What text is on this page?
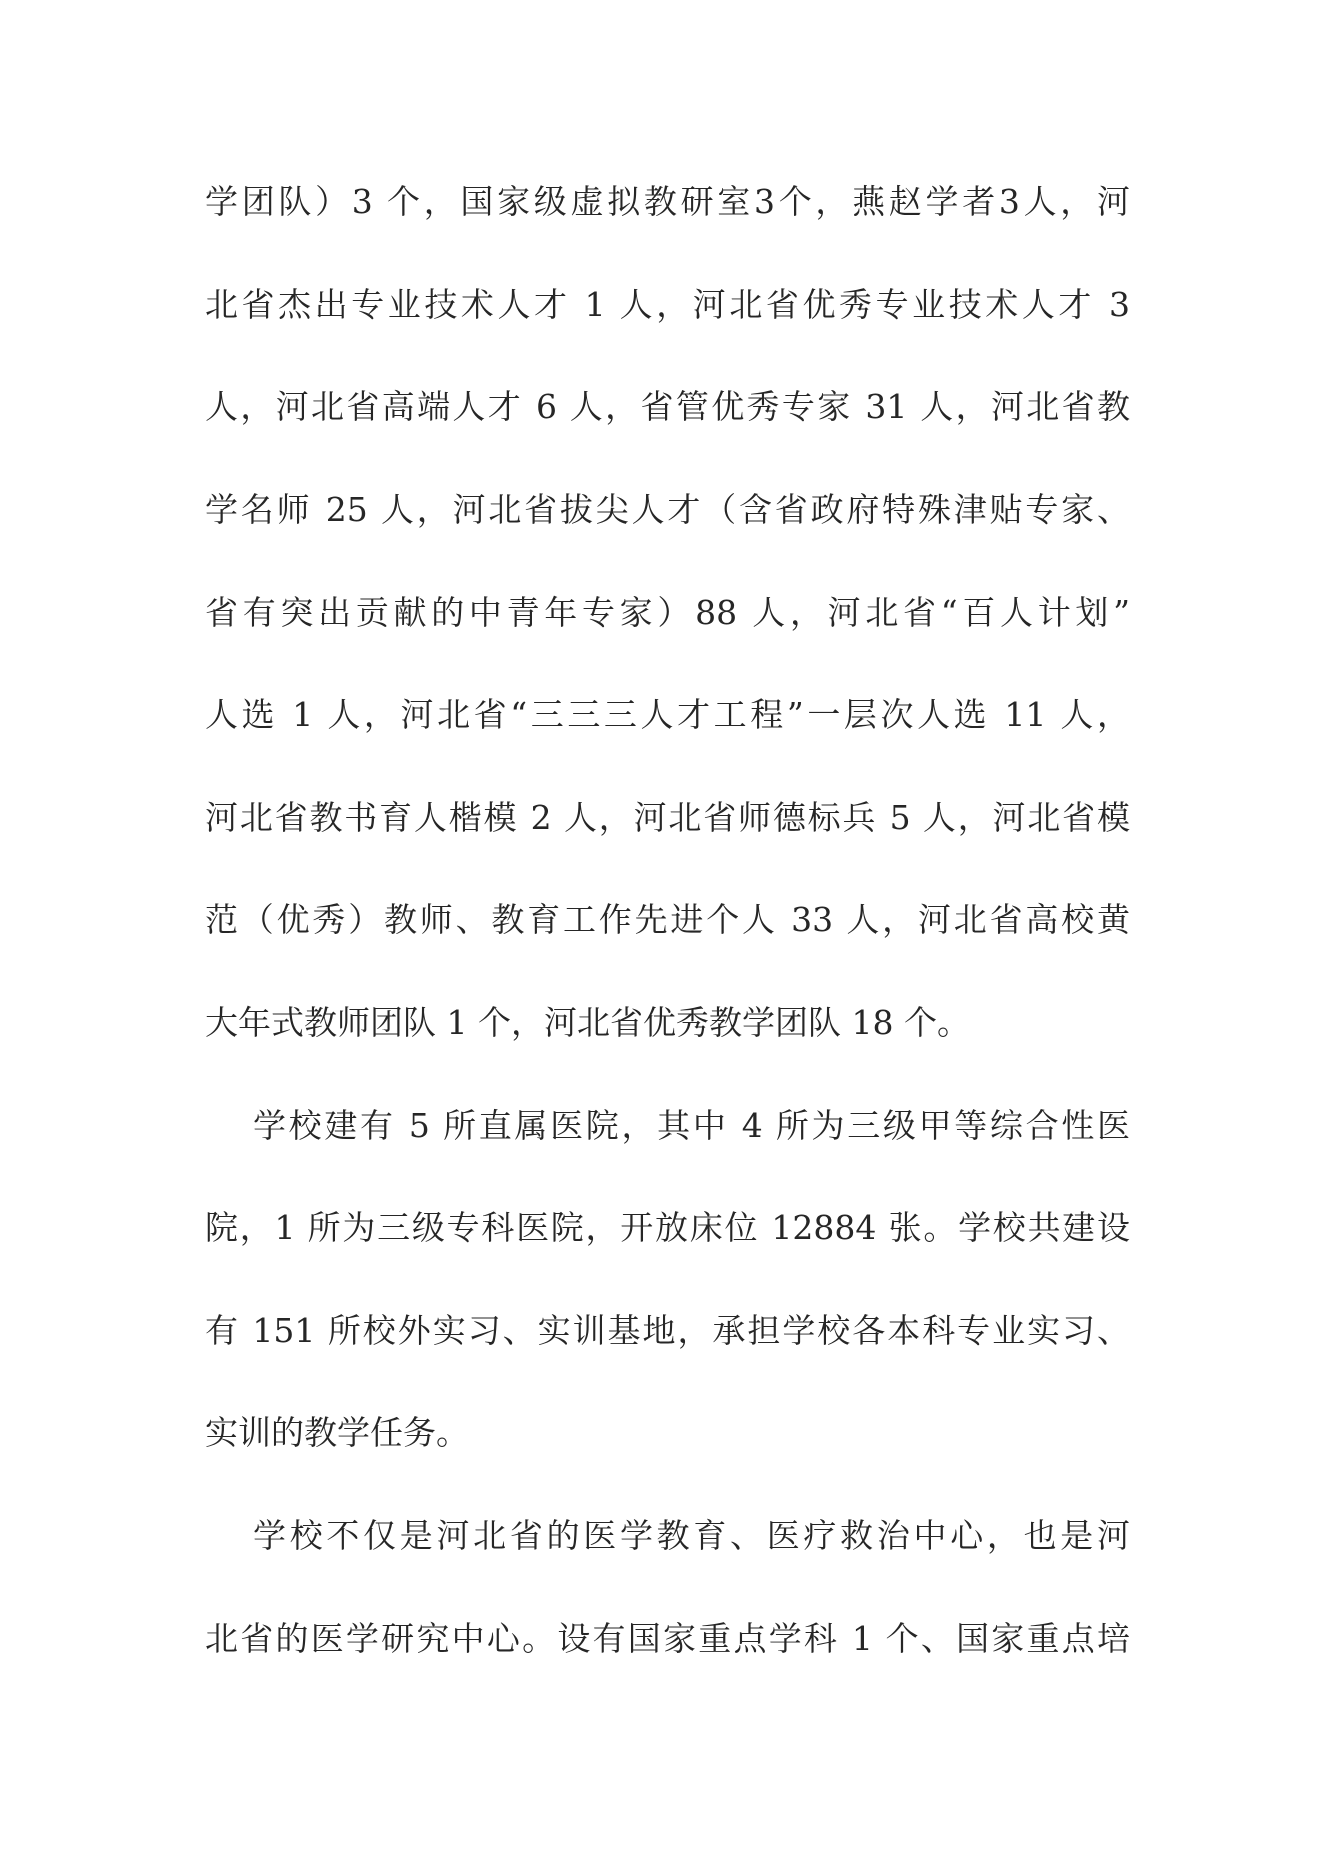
学团队）3 个，国家级虚拟教研室3个，燕赵学者3人，河
北省杰出专业技术人才 1 人，河北省优秀专业技术人才 3
人，河北省高端人才 6 人，省管优秀专家 31 人，河北省教
学名师 25 人，河北省拔尖人才（含省政府特殊津贴专家、
省有突出贡献的中青年专家）88 人，河北省“百人计划”
人选 1 人，河北省“三三三人才工程”一层次人选 11 人，
河北省教书育人楷模 2 人，河北省师德标兵 5 人，河北省模
范（优秀）教师、教育工作先进个人 33 人，河北省高校黄
大年式教师团队 1 个，河北省优秀教学团队 18 个。
学校建有 5 所直属医院，其中 4 所为三级甲等综合性医
院，1 所为三级专科医院，开放床位 12884 张。学校共建设
有 151 所校外实习、实训基地，承担学校各本科专业实习、
实训的教学任务。
学校不仅是河北省的医学教育、医疗救治中心，也是河
北省的医学研究中心。设有国家重点学科 1 个、国家重点培
